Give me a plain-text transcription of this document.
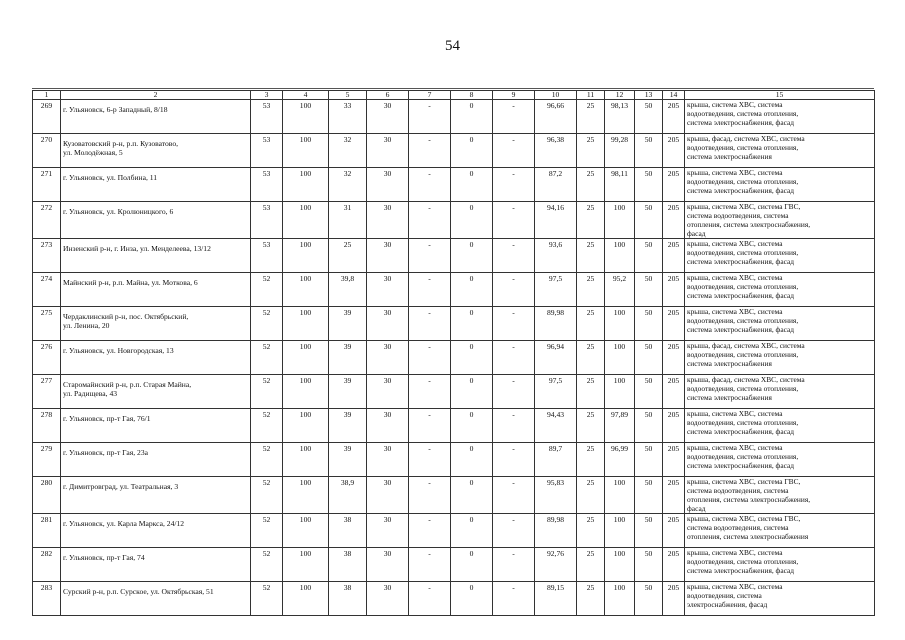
54
1	2	3	4	5	6	7	8	9	10	11	12	13	14	15
269	г. Ульяновск, 6-р Западный, 8/18	53	100	33	30	-	0	-	96,66	25	98,13	50	205	крыша, система ХВС, система
водоотведения, система отопления,
система электроснабжения, фасад
270	Кузоватовский р-н, р.п. Кузоватово,
ул. Молодёжная, 5	53	100	32	30	-	0	-	96,38	25	99,28	50	205	крыша, фасад, система ХВС, система
водоотведения, система отопления,
система электроснабжения
271	г. Ульяновск, ул. Полбина, 11	53	100	32	30	-	0	-	87,2	25	98,11	50	205	крыша, система ХВС, система
водоотведения, система отопления,
система электроснабжения, фасад
272	г. Ульяновск, ул. Кролюницкого, 6	53	100	31	30	-	0	-	94,16	25	100	50	205	крыша, система ХВС, система ГВС,
система водоотведения, система
отопления, система электроснабжения,
фасад
273	Инзенский р-н, г. Инза, ул. Менделеева, 13/12	53	100	25	30	-	0	-	93,6	25	100	50	205	крыша, система ХВС, система
водоотведения, система отопления,
система электроснабжения, фасад
274	Майнский р-н, р.п. Майна, ул. Моткова, 6	52	100	39,8	30	-	0	-	97,5	25	95,2	50	205	крыша, система ХВС, система
водоотведения, система отопления,
система электроснабжения, фасад
275	Чердаклинский р-н, пос. Октябрьский,
ул. Ленина, 20	52	100	39	30	-	0	-	89,98	25	100	50	205	крыша, система ХВС, система
водоотведения, система отопления,
система электроснабжения, фасад
276	г. Ульяновск, ул. Новгородская, 13	52	100	39	30	-	0	-	96,94	25	100	50	205	крыша, фасад, система ХВС, система
водоотведения, система отопления,
система электроснабжения
277	Старомайнский р-н, р.п. Старая Майна,
ул. Радищева, 43	52	100	39	30	-	0	-	97,5	25	100	50	205	крыша, фасад, система ХВС, система
водоотведения, система отопления,
система электроснабжения
278	г. Ульяновск, пр-т Гая, 76/1	52	100	39	30	-	0	-	94,43	25	97,89	50	205	крыша, система ХВС, система
водоотведения, система отопления,
система электроснабжения, фасад
279	г. Ульяновск, пр-т Гая, 23а	52	100	39	30	-	0	-	89,7	25	96,99	50	205	крыша, система ХВС, система
водоотведения, система отопления,
система электроснабжения, фасад
280	г. Димитровград, ул. Театральная, 3	52	100	38,9	30	-	0	-	95,83	25	100	50	205	крыша, система ХВС, система ГВС,
система водоотведения, система
отопления, система электроснабжения,
фасад
281	г. Ульяновск, ул. Карла Маркса, 24/12	52	100	38	30	-	0	-	89,98	25	100	50	205	крыша, система ХВС, система ГВС,
система водоотведения, система
отопления, система электроснабжения
282	г. Ульяновск, пр-т Гая, 74	52	100	38	30	-	0	-	92,76	25	100	50	205	крыша, система ХВС, система
водоотведения, система отопления,
система электроснабжения, фасад
283	Сурский р-н, р.п. Сурское, ул. Октябрьская, 51	52	100	38	30	-	0	-	89,15	25	100	50	205	крыша, система ХВС, система
водоотведения, система
электроснабжения, фасад
